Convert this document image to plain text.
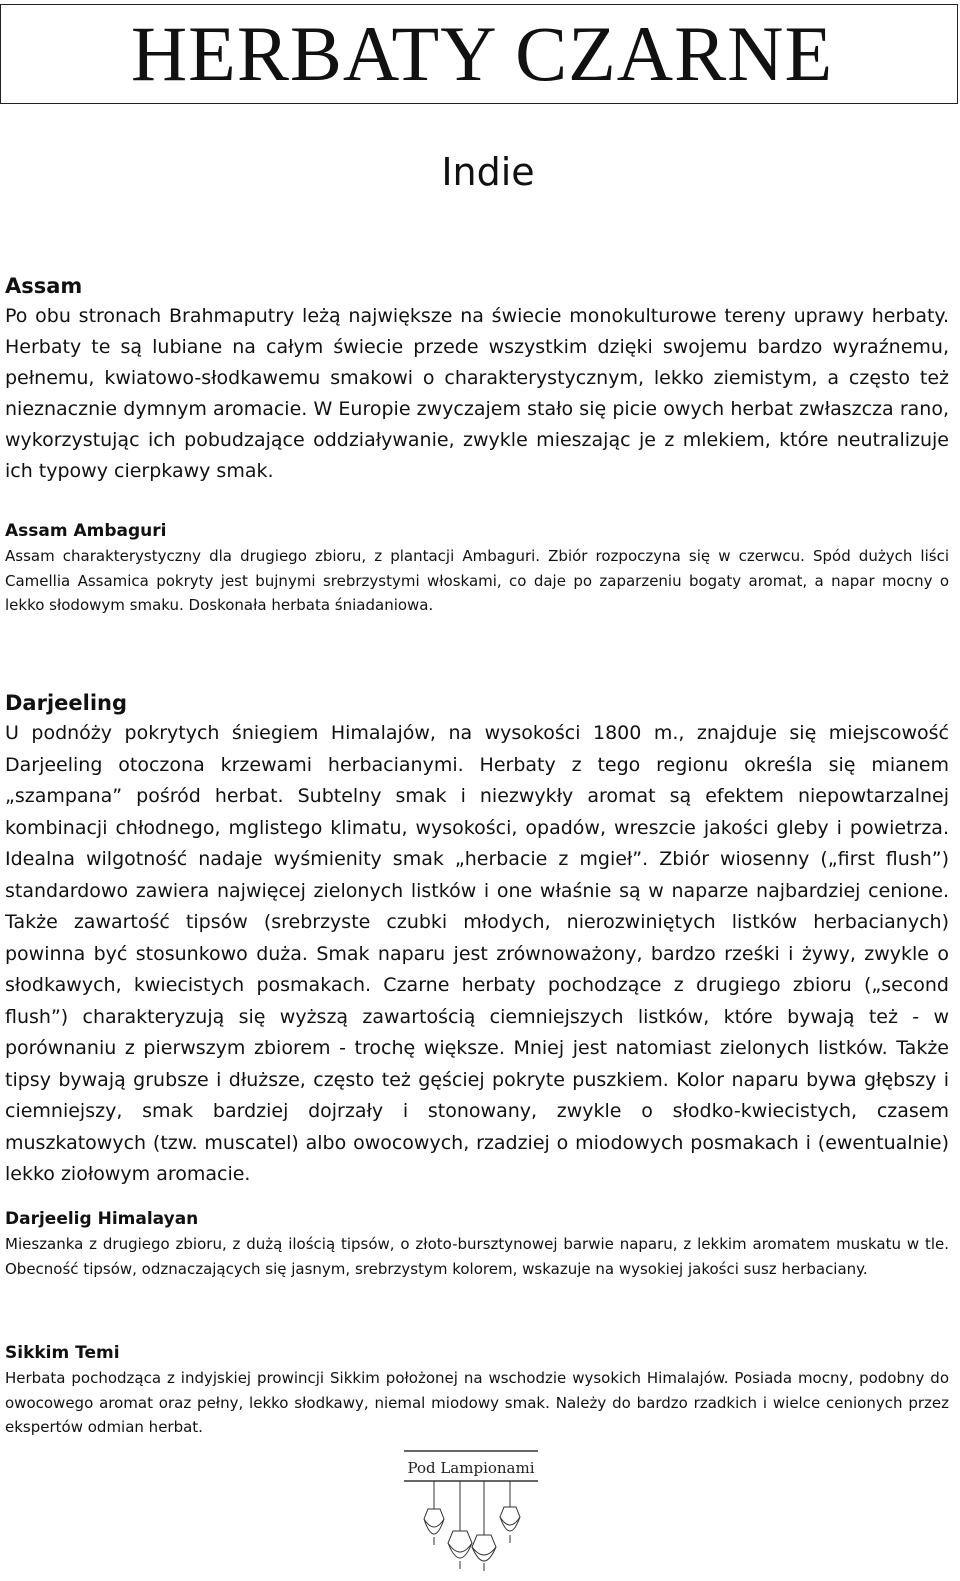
HERBATY CZARNE
Indie
Assam

Po obu stronach Brahmaputry leżą największe na świecie monokulturowe tereny uprawy herbaty. Herbaty te są lubiane na całym świecie przede wszystkim dzięki swojemu bardzo wyraźnemu, pełnemu, kwiatowo-słodkawemu smakowi o charakterystycznym, lekko ziemistym, a często też nieznacznie dymnym aromacie. W Europie zwyczajem stało się picie owych herbat zwłaszcza rano, wykorzystując ich pobudzające oddziaływanie, zwykle mieszając je z mlekiem, które neutralizuje ich typowy cierpkawy smak.

Assam Ambaguri

Assam charakterystyczny dla drugiego zbioru, z plantacji Ambaguri. Zbiór rozpoczyna się w czerwcu. Spód dużych liści Camellia Assamica pokryty jest bujnymi srebrzystymi włoskami, co daje po zaparzeniu bogaty aromat, a napar mocny o lekko słodowym smaku. Doskonała herbata śniadaniowa.

Darjeeling

U podnóży pokrytych śniegiem Himalajów, na wysokości 1800 m., znajduje się miejscowość Darjeeling otoczona krzewami herbacianymi. Herbaty z tego regionu określa się mianem „szampana” pośród herbat. Subtelny smak i niezwykły aromat są efektem niepowtarzalnej kombinacji chłodnego, mglistego klimatu, wysokości, opadów, wreszcie jakości gleby i powietrza. Idealna wilgotność nadaje wyśmienity smak „herbacie z mgieł”. Zbiór wiosenny („first flush”) standardowo zawiera najwięcej zielonych listków i one właśnie są w naparze najbardziej cenione. Także zawartość tipsów (srebrzyste czubki młodych, nierozwiniętych listków herbacianych) powinna być stosunkowo duża. Smak naparu jest zrównoważony, bardzo rześki i żywy, zwykle o słodkawych, kwiecistych posmakach. Czarne herbaty pochodzące z drugiego zbioru („second flush”) charakteryzują się wyższą zawartością ciemniejszych listków, które bywają też - w porównaniu z pierwszym zbiorem - trochę większe. Mniej jest natomiast zielonych listków. Także tipsy bywają grubsze i dłuższe, często też gęściej pokryte puszkiem. Kolor naparu bywa głębszy i ciemniejszy, smak bardziej dojrzały i stonowany, zwykle o słodko-kwiecistych, czasem muszkatowych (tzw. muscatel) albo owocowych, rzadziej o miodowych posmakach i (ewentualnie) lekko ziołowym aromacie.

Darjeelig Himalayan

Mieszanka z drugiego zbioru, z dużą ilością tipsów, o złoto-bursztynowej barwie naparu, z lekkim aromatem muskatu w tle. Obecność tipsów, odznaczających się jasnym, srebrzystym kolorem, wskazuje na wysokiej jakości susz herbaciany.

Sikkim Temi

Herbata pochodząca z indyjskiej prowincji Sikkim położonej na wschodzie wysokich Himalajów. Posiada mocny, podobny do owocowego aromat oraz pełny, lekko słodkawy, niemal miodowy smak. Należy do bardzo rzadkich i wielce cenionych przez ekspertów odmian herbat.

Pod Lampionami
